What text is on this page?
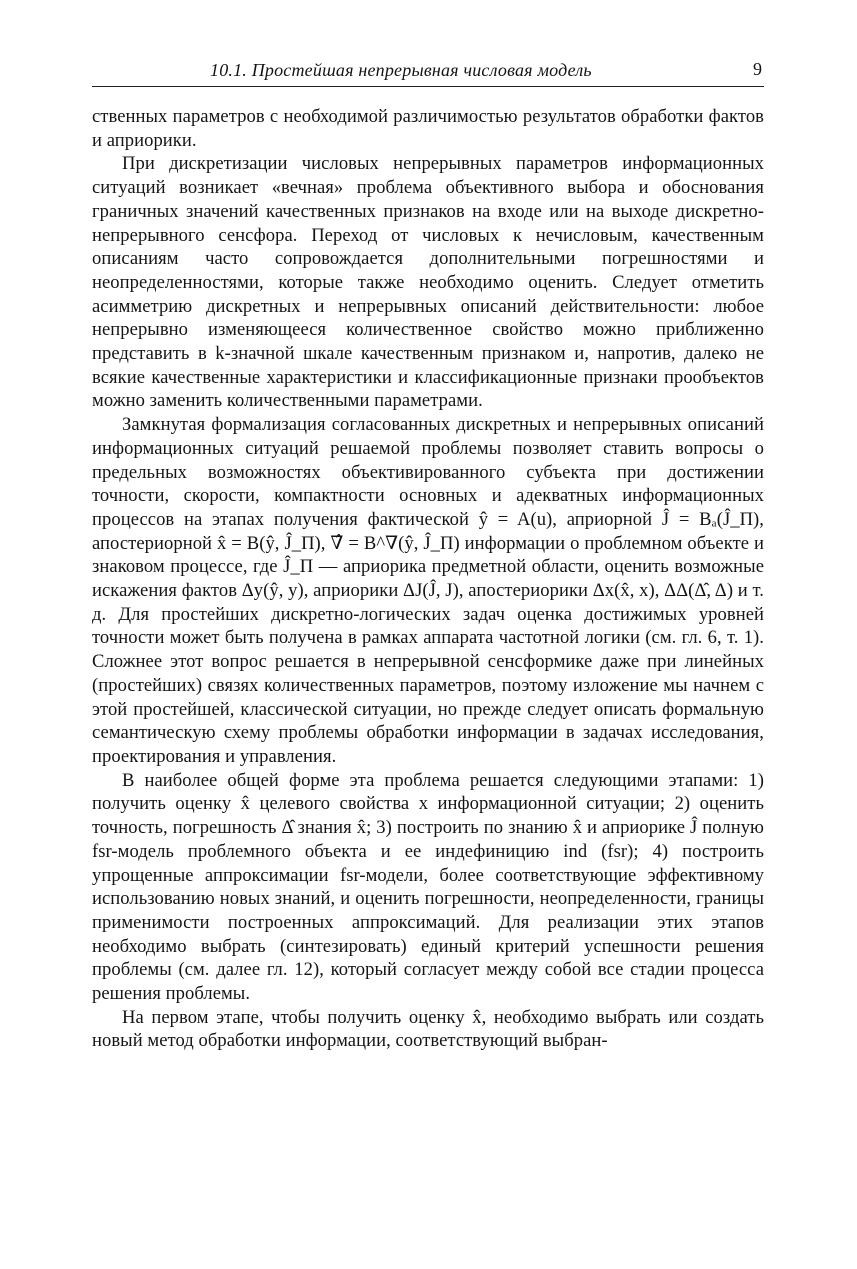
10.1. Простейшая непрерывная числовая модель	9

ственных параметров с необходимой различимостью результатов обработки фактов и априорики.

При дискретизации числовых непрерывных параметров информационных ситуаций возникает «вечная» проблема объективного выбора и обоснования граничных значений качественных признаков на входе или на выходе дискретно-непрерывного сенсфора. Переход от числовых к нечисловым, качественным описаниям часто сопровождается дополнительными погрешностями и неопределенностями, которые также необходимо оценить. Следует отметить асимметрию дискретных и непрерывных описаний действительности: любое непрерывно изменяющееся количественное свойство можно приближенно представить в k-значной шкале качественным признаком и, напротив, далеко не всякие качественные характеристики и классификационные признаки прообъектов можно заменить количественными параметрами.

Замкнутая формализация согласованных дискретных и непрерывных описаний информационных ситуаций решаемой проблемы позволяет ставить вопросы о предельных возможностях объективированного субъекта при достижении точности, скорости, компактности основных и адекватных информационных процессов на этапах получения фактической ŷ = A(u), априорной Ĵ = Bₐ(Ĵ_Π), апостериорной x̂ = B(ŷ, Ĵ_Π), ∇̂ = B^∇(ŷ, Ĵ_Π) информации о проблемном объекте и знаковом процессе, где Ĵ_Π — априорика предметной области, оценить возможные искажения фактов Δy(ŷ, y), априорики ΔJ(Ĵ, J), апостериорики Δx(x̂, x), ΔΔ(Δ̂, Δ) и т. д. Для простейших дискретно-логических задач оценка достижимых уровней точности может быть получена в рамках аппарата частотной логики (см. гл. 6, т. 1). Сложнее этот вопрос решается в непрерывной сенсформике даже при линейных (простейших) связях количественных параметров, поэтому изложение мы начнем с этой простейшей, классической ситуации, но прежде следует описать формальную семантическую схему проблемы обработки информации в задачах исследования, проектирования и управления.

В наиболее общей форме эта проблема решается следующими этапами: 1) получить оценку x̂ целевого свойства x информационной ситуации; 2) оценить точность, погрешность Δ̂ знания x̂; 3) построить по знанию x̂ и априорике Ĵ полную fsr-модель проблемного объекта и ее индефиницию ind (fsr); 4) построить упрощенные аппроксимации fsr-модели, более соответствующие эффективному использованию новых знаний, и оценить погрешности, неопределенности, границы применимости построенных аппроксимаций. Для реализации этих этапов необходимо выбрать (синтезировать) единый критерий успешности решения проблемы (см. далее гл. 12), который согласует между собой все стадии процесса решения проблемы.

На первом этапе, чтобы получить оценку x̂, необходимо выбрать или создать новый метод обработки информации, соответствующий выбран-
